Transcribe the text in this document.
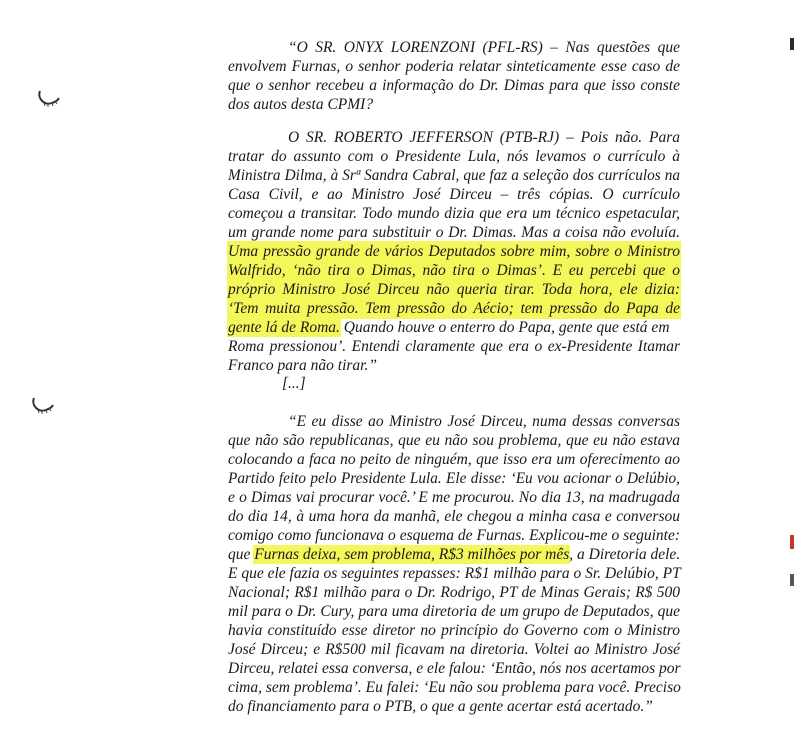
“O SR. ONYX LORENZONI (PFL-RS) – Nas questões que
envolvem Furnas, o senhor poderia relatar sinteticamente esse caso de
que o senhor recebeu a informação do Dr. Dimas para que isso conste
dos autos desta CPMI?
O SR. ROBERTO JEFFERSON (PTB-RJ) – Pois não. Para
tratar do assunto com o Presidente Lula, nós levamos o currículo à
Ministra Dilma, à Srª Sandra Cabral, que faz a seleção dos currículos na
Casa Civil, e ao Ministro José Dirceu – três cópias. O currículo
começou a transitar. Todo mundo dizia que era um técnico espetacular,
um grande nome para substituir o Dr. Dimas. Mas a coisa não evoluía.
Uma pressão grande de vários Deputados sobre mim, sobre o Ministro
Walfrido, ‘não tira o Dimas, não tira o Dimas’. E eu percebi que o
próprio Ministro José Dirceu não queria tirar. Toda hora, ele dizia:
‘Tem muita pressão. Tem pressão do Aécio; tem pressão do Papa de
gente lá de Roma. Quando houve o enterro do Papa, gente que está em
Roma pressionou’. Entendi claramente que era o ex-Presidente Itamar
Franco para não tirar.”
[...]
“E eu disse ao Ministro José Dirceu, numa dessas conversas
que não são republicanas, que eu não sou problema, que eu não estava
colocando a faca no peito de ninguém, que isso era um oferecimento ao
Partido feito pelo Presidente Lula. Ele disse: ‘Eu vou acionar o Delúbio,
e o Dimas vai procurar você.’ E me procurou. No dia 13, na madrugada
do dia 14, à uma hora da manhã, ele chegou a minha casa e conversou
comigo como funcionava o esquema de Furnas. Explicou-me o seguinte:
que Furnas deixa, sem problema, R$3 milhões por mês, a Diretoria dele.
E que ele fazia os seguintes repasses: R$1 milhão para o Sr. Delúbio, PT
Nacional; R$1 milhão para o Dr. Rodrigo, PT de Minas Gerais; R$ 500
mil para o Dr. Cury, para uma diretoria de um grupo de Deputados, que
havia constituído esse diretor no princípio do Governo com o Ministro
José Dirceu; e R$500 mil ficavam na diretoria. Voltei ao Ministro José
Dirceu, relatei essa conversa, e ele falou: ‘Então, nós nos acertamos por
cima, sem problema’. Eu falei: ‘Eu não sou problema para você. Preciso
do financiamento para o PTB, o que a gente acertar está acertado.”
